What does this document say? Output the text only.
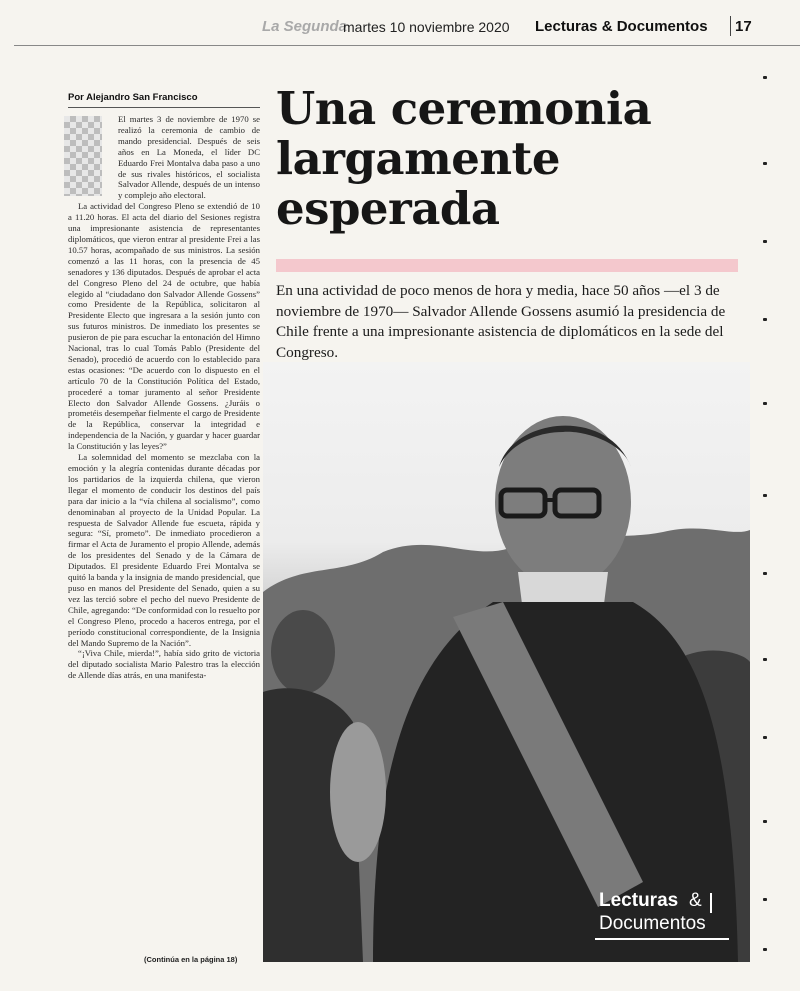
La Segunda
martes 10 noviembre 2020 Lecturas & Documentos 17
Por Alejandro San Francisco

El martes 3 de noviembre de 1970 se realizó la ceremonia de cambio de mando presidencial. Después de seis años en La Moneda, el líder DC Eduardo Frei Montalva daba paso a uno de sus rivales históricos, el socialista Salvador Allende, después de un intenso y complejo año electoral.

La actividad del Congreso Pleno se extendió de 10 a 11.20 horas. El acta del diario del Sesiones registra una impresionante asistencia de representantes diplomáticos, que vieron entrar al presidente Frei a las 10.57 horas, acompañado de sus ministros. La sesión comenzó a las 11 horas, con la presencia de 45 senadores y 136 diputados. Después de aprobar el acta del Congreso Pleno del 24 de octubre, que había elegido al “ciudadano don Salvador Allende Gossens” como Presidente de la República, solicitaron al Presidente Electo que ingresara a la sesión junto con sus futuros ministros. De inmediato los presentes se pusieron de pie para escuchar la entonación del Himno Nacional, tras lo cual Tomás Pablo (Presidente del Senado), procedió de acuerdo con lo establecido para estas ocasiones: “De acuerdo con lo dispuesto en el artículo 70 de la Constitución Política del Estado, procederé a tomar juramento al señor Presidente Electo don Salvador Allende Gossens. ¿Juráis o prometéis desempeñar fielmente el cargo de Presidente de la República, conservar la integridad e independencia de la Nación, y guardar y hacer guardar la Constitución y las leyes?”

La solemnidad del momento se mezclaba con la emoción y la alegría contenidas durante décadas por los partidarios de la izquierda chilena, que vieron llegar el momento de conducir los destinos del país para dar inicio a la “vía chilena al socialismo”, como denominaban al proyecto de la Unidad Popular. La respuesta de Salvador Allende fue escueta, rápida y segura: “Sí, prometo”. De inmediato procedieron a firmar el Acta de Juramento el propio Allende, además de los presidentes del Senado y de la Cámara de Diputados. El presidente Eduardo Frei Montalva se quitó la banda y la insignia de mando presidencial, que puso en manos del Presidente del Senado, quien a su vez las terció sobre el pecho del nuevo Presidente de Chile, agregando: “De conformidad con lo resuelto por el Congreso Pleno, procedo a haceros entrega, por el período constitucional correspondiente, de la Insignia del Mando Supremo de la Nación”.

“¡Viva Chile, mierda!”, había sido grito de victoria del diputado socialista Mario Palestro tras la elección de Allende días atrás, en una manifesta-

(Continúa en la página 18)
Una ceremonia largamente esperada

En una actividad de poco menos de hora y media, hace 50 años —el 3 de noviembre de 1970— Salvador Allende Gossens asumió la presidencia de Chile frente a una impresionante asistencia de diplomáticos en la sede del Congreso.

Lecturas &
Documentos
